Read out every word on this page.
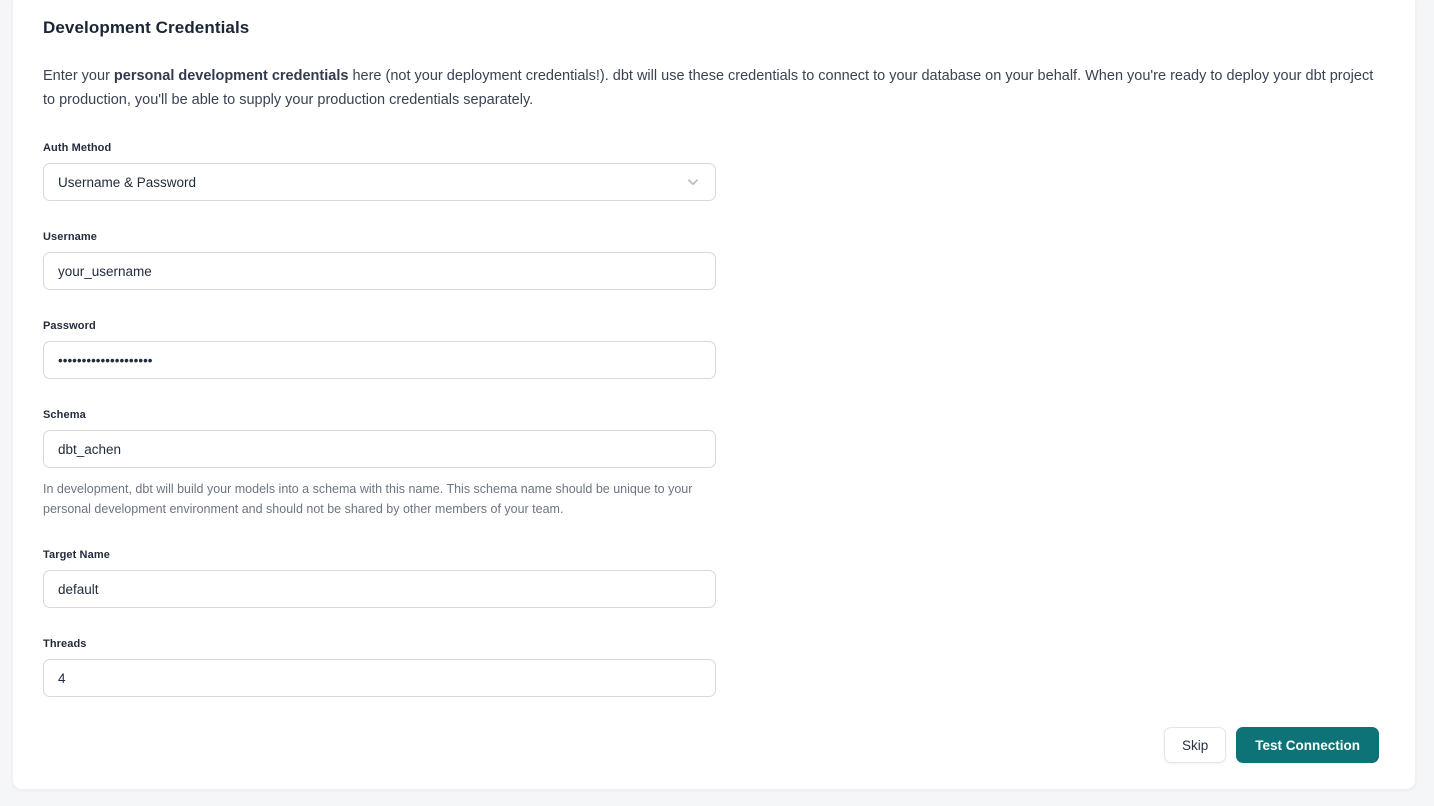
Development Credentials

Enter your personal development credentials here (not your deployment credentials!). dbt will use these credentials to connect to your database on your behalf. When you're ready to deploy your dbt project to production, you'll be able to supply your production credentials separately.

Auth Method
Username & Password
Username
your_username
Password
••••••••••••••••••••
Schema
dbt_achen
In development, dbt will build your models into a schema with this name. This schema name should be unique to your personal development environment and should not be shared by other members of your team.
Target Name
default
Threads
4
Skip	Test Connection
